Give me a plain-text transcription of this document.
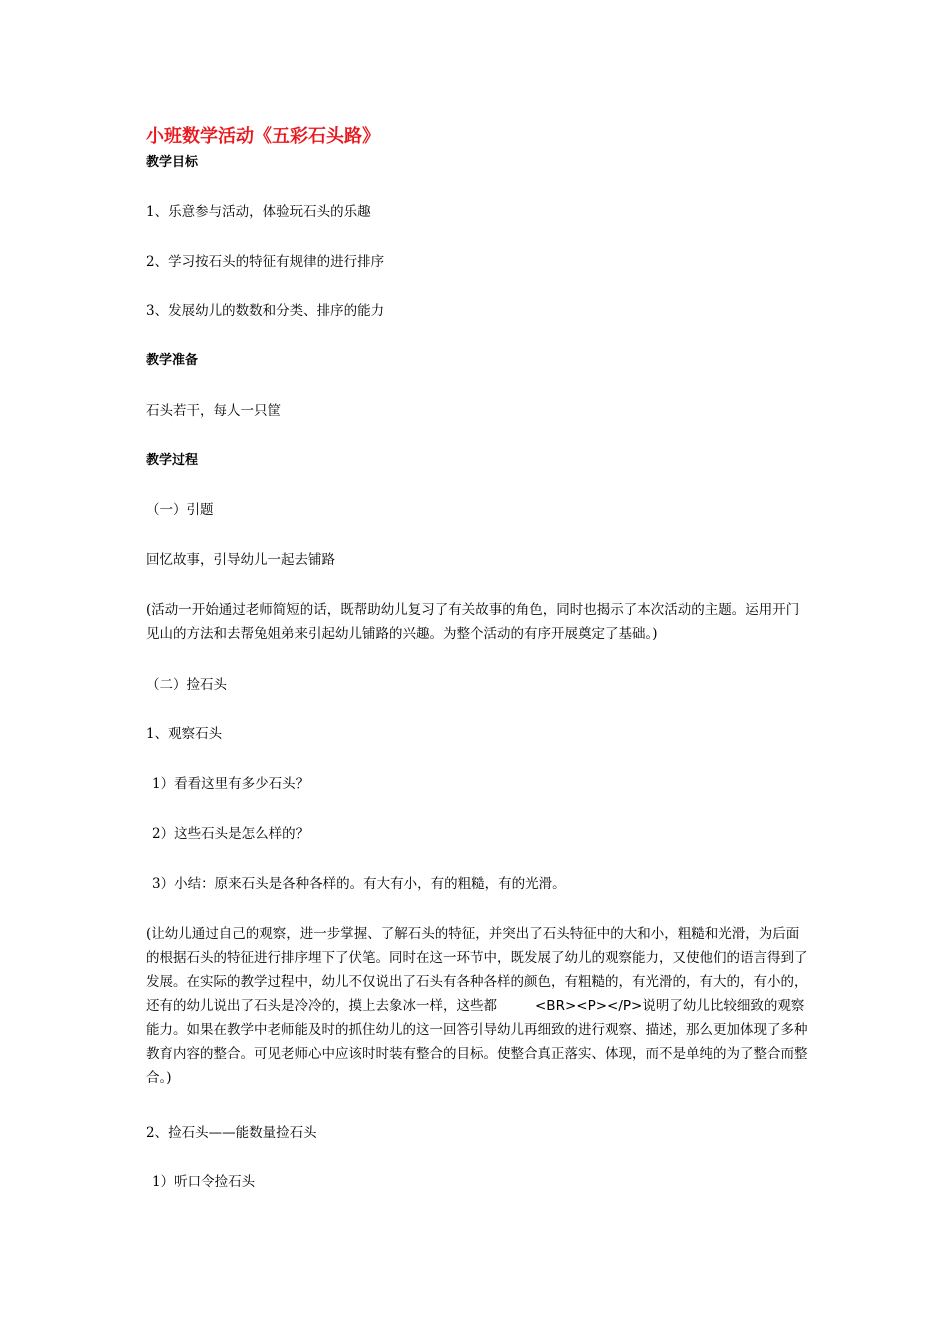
小班数学活动《五彩石头路》
教学目标
1、乐意参与活动，体验玩石头的乐趣
2、学习按石头的特征有规律的进行排序
3、发展幼儿的数数和分类、排序的能力
教学准备
石头若干，每人一只筐
教学过程
（一）引题
回忆故事，引导幼儿一起去铺路
(活动一开始通过老师简短的话，既帮助幼儿复习了有关故事的角色，同时也揭示了本次活动的主题。运用开门见山的方法和去帮兔姐弟来引起幼儿铺路的兴趣。为整个活动的有序开展奠定了基础。)
（二）捡石头
1、观察石头
1）看看这里有多少石头？
2）这些石头是怎么样的？
3）小结：原来石头是各种各样的。有大有小，有的粗糙，有的光滑。
(让幼儿通过自己的观察，进一步掌握、了解石头的特征，并突出了石头特征中的大和小，粗糙和光滑，为后面的根据石头的特征进行排序埋下了伏笔。同时在这一环节中，既发展了幼儿的观察能力，又使他们的语言得到了发展。在实际的教学过程中，幼儿不仅说出了石头有各种各样的颜色，有粗糙的，有光滑的，有大的，有小的，还有的幼儿说出了石头是冷冷的，摸上去象冰一样，这些都	<BR><P></P>说明了幼儿比较细致的观察能力。如果在教学中老师能及时的抓住幼儿的这一回答引导幼儿再细致的进行观察、描述，那么更加体现了多种教育内容的整合。可见老师心中应该时时装有整合的目标。使整合真正落实、体现，而不是单纯的为了整合而整合。)
2、捡石头——能数量捡石头
1）听口令捡石头
